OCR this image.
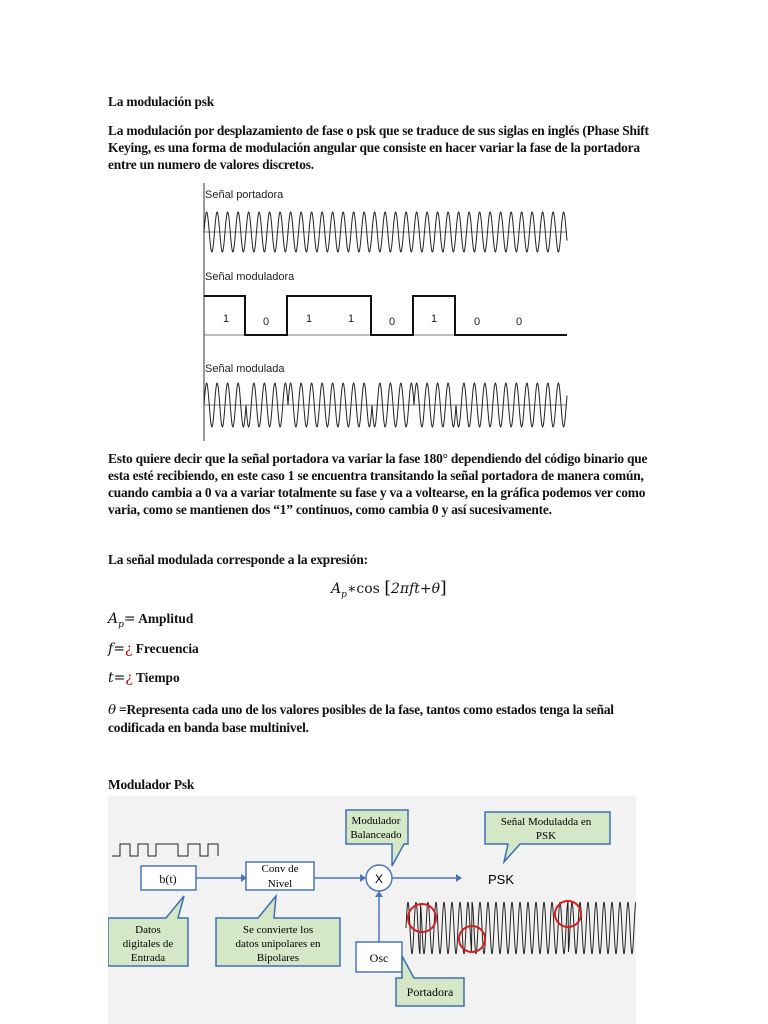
La modulación psk
La modulación por desplazamiento de fase o psk que se traduce de sus siglas en inglés (Phase Shift Keying, es una forma de modulación angular que consiste en hacer variar la fase de la portadora entre un numero de valores discretos.
Señal portadora
Señal moduladora
1	0	1	1	0	1	0	0
Señal modulada
Esto quiere decir que la señal portadora va variar la fase 180° dependiendo del código binario que esta esté recibiendo, en este caso 1 se encuentra transitando la señal portadora de manera común, cuando cambia a 0 va a variar totalmente su fase y va a voltearse, en la gráfica podemos ver como varia, como se mantienen dos “1” continuos, como cambia 0 y así sucesivamente.
La señal modulada corresponde a la expresión:
$A_p∗\cos$ [2πft+θ]
$A_p=$ Amplitud
f=¿ Frecuencia
t=¿ Tiempo
θ =Representa cada uno de los valores posibles de la fase, tantos como estados tenga la señal codificada en banda base multinivel.
Modulador Psk
b(t)
Conv de
Nivel	X	PSK
Osc
Modulador
Balanceado
Señal Moduladda en
PSK
Datos
digitales de
Entrada
Se convierte los
datos unipolares en
Bipolares
Portadora
